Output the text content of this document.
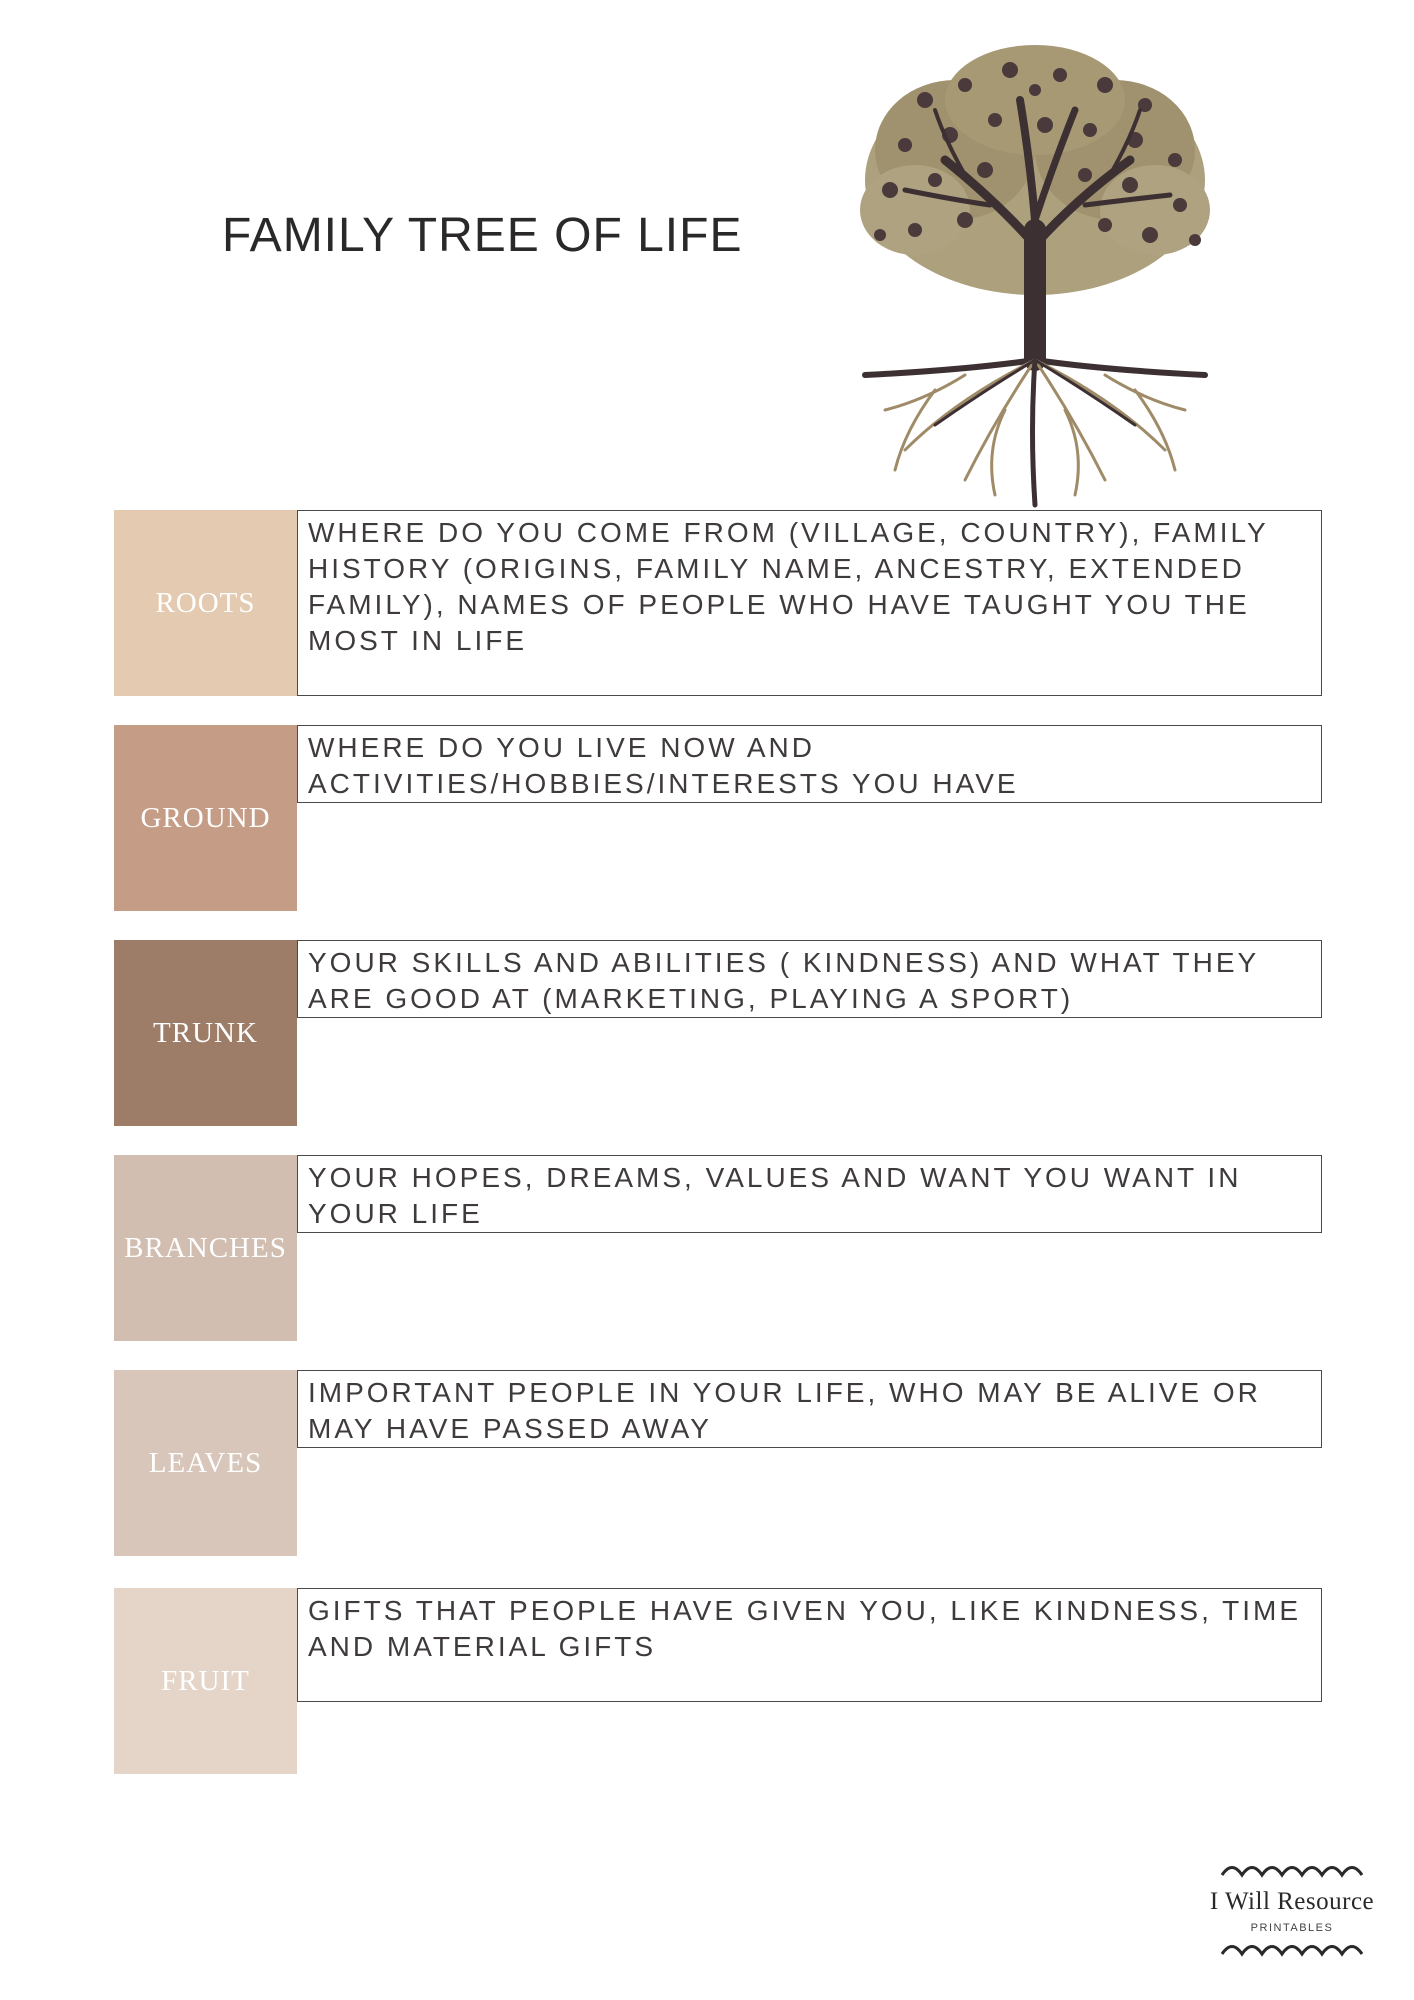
FAMILY TREE OF LIFE
ROOTS
WHERE DO YOU COME FROM (VILLAGE, COUNTRY), FAMILY HISTORY (ORIGINS, FAMILY NAME, ANCESTRY, EXTENDED FAMILY), NAMES OF PEOPLE WHO HAVE TAUGHT YOU THE MOST IN LIFE
GROUND
WHERE DO YOU LIVE NOW AND ACTIVITIES/HOBBIES/INTERESTS YOU HAVE
TRUNK
YOUR SKILLS AND ABILITIES ( KINDNESS) AND WHAT THEY ARE GOOD AT (MARKETING, PLAYING A SPORT)
BRANCHES
YOUR HOPES, DREAMS, VALUES AND WANT YOU WANT IN YOUR LIFE
LEAVES
IMPORTANT PEOPLE IN YOUR LIFE, WHO MAY BE ALIVE OR MAY HAVE PASSED AWAY
FRUIT
GIFTS THAT PEOPLE HAVE GIVEN YOU, LIKE KINDNESS, TIME AND MATERIAL GIFTS
I Will Resource
PRINTABLES
